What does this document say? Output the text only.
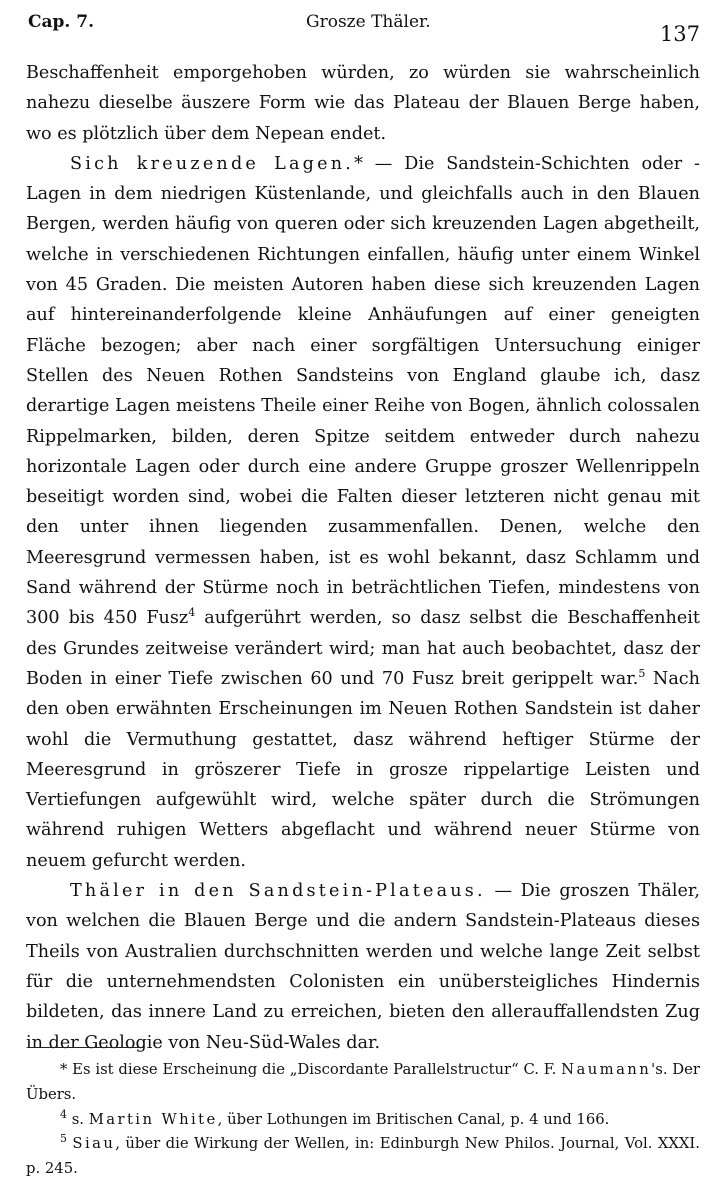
Cap. 7.	Grosze Thäler.	137

Beschaffenheit emporgehoben würden, zo würden sie wahrscheinlich nahezu dieselbe äuszere Form wie das Plateau der Blauen Berge haben, wo es plötzlich über dem Nepean endet.

Sich kreuzende Lagen.* — Die Sandstein-Schichten oder -Lagen in dem niedrigen Küstenlande, und gleichfalls auch in den Blauen Bergen, werden häufig von queren oder sich kreuzenden Lagen abgetheilt, welche in verschiedenen Richtungen einfallen, häufig unter einem Winkel von 45 Graden. Die meisten Autoren haben diese sich kreuzenden Lagen auf hintereinanderfolgende kleine Anhäufungen auf einer geneigten Fläche bezogen; aber nach einer sorgfältigen Untersuchung einiger Stellen des Neuen Rothen Sandsteins von England glaube ich, dasz derartige Lagen meistens Theile einer Reihe von Bogen, ähnlich colossalen Rippelmarken, bilden, deren Spitze seitdem entweder durch nahezu horizontale Lagen oder durch eine andere Gruppe groszer Wellenrippeln beseitigt worden sind, wobei die Falten dieser letzteren nicht genau mit den unter ihnen liegenden zusammenfallen. Denen, welche den Meeresgrund vermessen haben, ist es wohl bekannt, dasz Schlamm und Sand während der Stürme noch in beträchtlichen Tiefen, mindestens von 300 bis 450 Fusz$^4$ aufgerührt werden, so dasz selbst die Beschaffenheit des Grundes zeitweise verändert wird; man hat auch beobachtet, dasz der Boden in einer Tiefe zwischen 60 und 70 Fusz breit gerippelt war.$^5$ Nach den oben erwähnten Erscheinungen im Neuen Rothen Sandstein ist daher wohl die Vermuthung gestattet, dasz während heftiger Stürme der Meeresgrund in gröszerer Tiefe in grosze rippelartige Leisten und Vertiefungen aufgewühlt wird, welche später durch die Strömungen während ruhigen Wetters abgeflacht und während neuer Stürme von neuem gefurcht werden.

Thäler in den Sandstein-Plateaus. — Die groszen Thäler, von welchen die Blauen Berge und die andern Sandstein-Plateaus dieses Theils von Australien durchschnitten werden und welche lange Zeit selbst für die unternehmendsten Colonisten ein unübersteigliches Hindernis bildeten, das innere Land zu erreichen, bieten den allerauffallendsten Zug in der Geologie von Neu-Süd-Wales dar.

* Es ist diese Erscheinung die „Discordante Parallelstructur“ C. F. Naumann's. Der Übers.

$^4$ s. Martin White, über Lothungen im Britischen Canal, p. 4 und 166.

$^5$ Siau, über die Wirkung der Wellen, in: Edinburgh New Philos. Journal, Vol. XXXI. p. 245.
